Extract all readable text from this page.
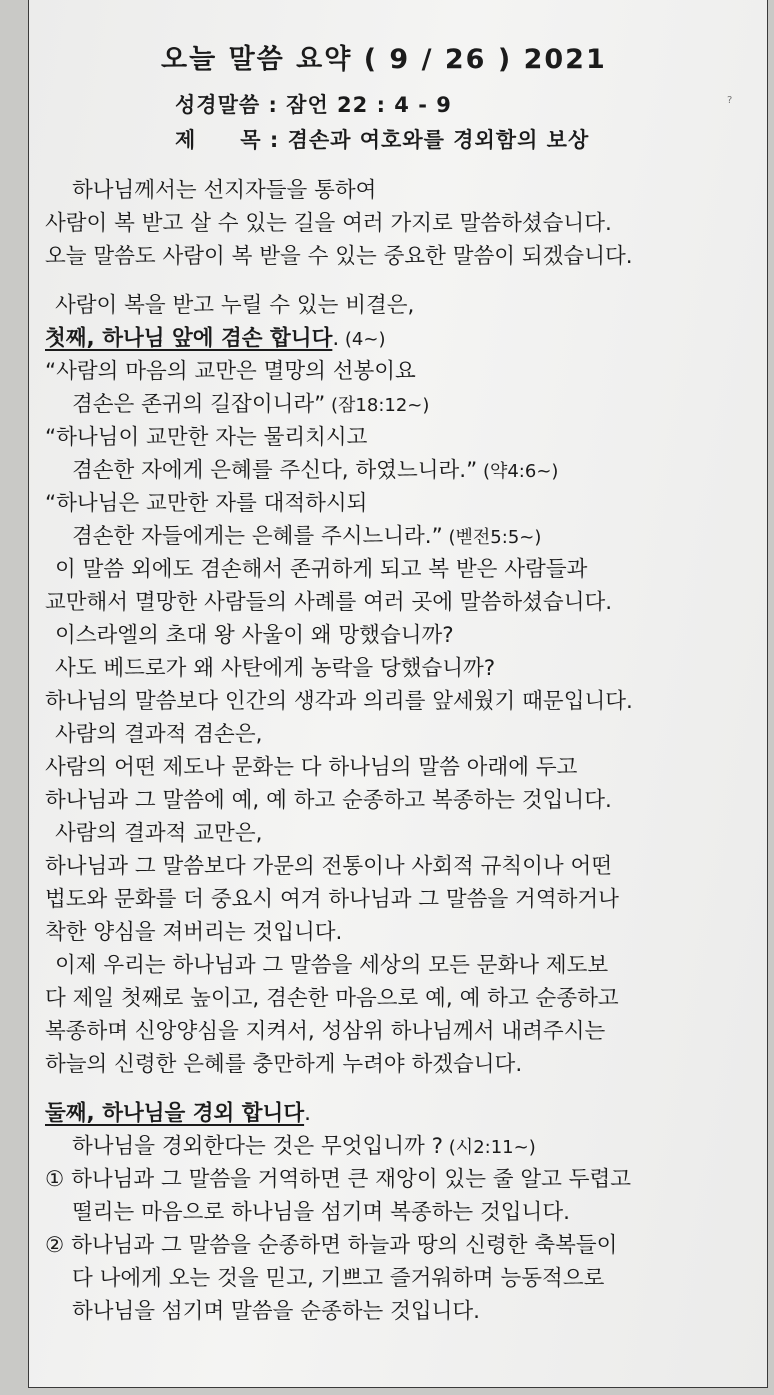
오늘 말씀 요약 ( 9 / 26 ) 2021
성경말씀 : 잠언 22 : 4 - 9
제　　목 : 겸손과 여호와를 경외함의 보상
?
하나님께서는 선지자들을 통하여
사람이 복 받고 살 수 있는 길을 여러 가지로 말씀하셨습니다.
오늘 말씀도 사람이 복 받을 수 있는 중요한 말씀이 되겠습니다.
사람이 복을 받고 누릴 수 있는 비결은,
첫째, 하나님 앞에 겸손 합니다. (4~)
“사람의 마음의 교만은 멸망의 선봉이요
겸손은 존귀의 길잡이니라” (잠18:12~)
“하나님이 교만한 자는 물리치시고
겸손한 자에게 은혜를 주신다, 하였느니라.” (약4:6~)
“하나님은 교만한 자를 대적하시되
겸손한 자들에게는 은혜를 주시느니라.” (벧전5:5~)
이 말씀 외에도 겸손해서 존귀하게 되고 복 받은 사람들과
교만해서 멸망한 사람들의 사례를 여러 곳에 말씀하셨습니다.
이스라엘의 초대 왕 사울이 왜 망했습니까?
사도 베드로가 왜 사탄에게 농락을 당했습니까?
하나님의 말씀보다 인간의 생각과 의리를 앞세웠기 때문입니다.
사람의 결과적 겸손은,
사람의 어떤 제도나 문화는 다 하나님의 말씀 아래에 두고
하나님과 그 말씀에 예, 예 하고 순종하고 복종하는 것입니다.
사람의 결과적 교만은,
하나님과 그 말씀보다 가문의 전통이나 사회적 규칙이나 어떤
법도와 문화를 더 중요시 여겨 하나님과 그 말씀을 거역하거나
착한 양심을 져버리는 것입니다.
이제 우리는 하나님과 그 말씀을 세상의 모든 문화나 제도보
다 제일 첫째로 높이고, 겸손한 마음으로 예, 예 하고 순종하고
복종하며 신앙양심을 지켜서, 성삼위 하나님께서 내려주시는
하늘의 신령한 은혜를 충만하게 누려야 하겠습니다.
둘째, 하나님을 경외 합니다.
하나님을 경외한다는 것은 무엇입니까 ? (시2:11~)
① 하나님과 그 말씀을 거역하면 큰 재앙이 있는 줄 알고 두렵고
떨리는 마음으로 하나님을 섬기며 복종하는 것입니다.
② 하나님과 그 말씀을 순종하면 하늘과 땅의 신령한 축복들이
다 나에게 오는 것을 믿고, 기쁘고 즐거워하며 능동적으로
하나님을 섬기며 말씀을 순종하는 것입니다.
